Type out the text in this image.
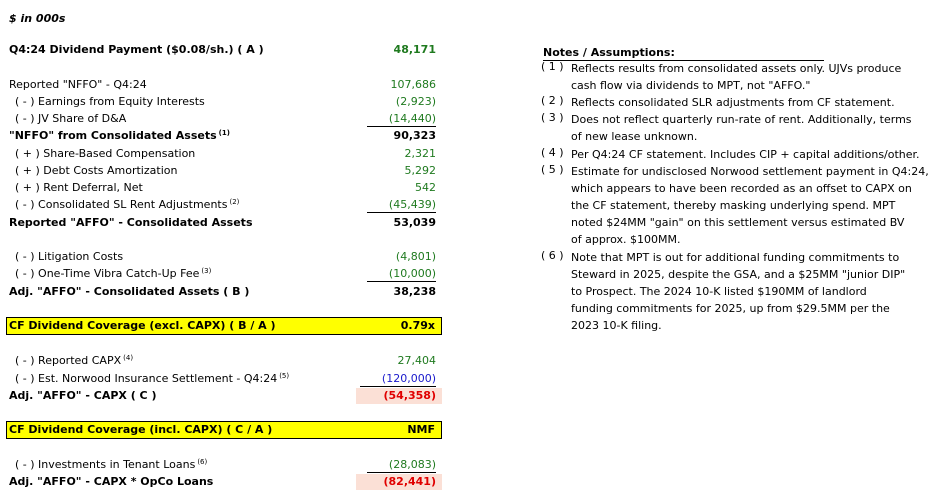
$ in 000s
Q4:24 Dividend Payment ($0.08/sh.) ( A )	48,171
Reported "NFFO" - Q4:24	107,686
( - ) Earnings from Equity Interests	(2,923)
( - ) JV Share of D&A	(14,440)
"NFFO" from Consolidated Assets $^{(1)}$	90,323
( + ) Share-Based Compensation	2,321
( + ) Debt Costs Amortization	5,292
( + ) Rent Deferral, Net	542
( - ) Consolidated SL Rent Adjustments $^{(2)}$	(45,439)
Reported "AFFO" - Consolidated Assets	53,039
( - ) Litigation Costs	(4,801)
( - ) One-Time Vibra Catch-Up Fee $^{(3)}$	(10,000)
Adj. "AFFO" - Consolidated Assets ( B )	38,238
CF Dividend Coverage (excl. CAPX) ( B / A )	0.79x
( - ) Reported CAPX $^{(4)}$	27,404
( - ) Est. Norwood Insurance Settlement - Q4:24 $^{(5)}$	(120,000)
Adj. "AFFO" - CAPX ( C )	(54,358)
CF Dividend Coverage (incl. CAPX) ( C / A )	NMF
( - ) Investments in Tenant Loans $^{(6)}$	(28,083)
Adj. "AFFO" - CAPX * OpCo Loans	(82,441)
Notes / Assumptions:
( 1 ) Reflects results from consolidated assets only. UJVs produce
cash flow via dividends to MPT, not "AFFO."
( 2 ) Reflects consolidated SLR adjustments from CF statement.
( 3 ) Does not reflect quarterly run-rate of rent. Additionally, terms
of new lease unknown.
( 4 ) Per Q4:24 CF statement. Includes CIP + capital additions/other.
( 5 ) Estimate for undisclosed Norwood settlement payment in Q4:24,
which appears to have been recorded as an offset to CAPX on
the CF statement, thereby masking underlying spend. MPT
noted $24MM "gain" on this settlement versus estimated BV
of approx. $100MM.
( 6 ) Note that MPT is out for additional funding commitments to
Steward in 2025, despite the GSA, and a $25MM "junior DIP"
to Prospect. The 2024 10-K listed $190MM of landlord
funding commitments for 2025, up from $29.5MM per the
2023 10-K filing.
